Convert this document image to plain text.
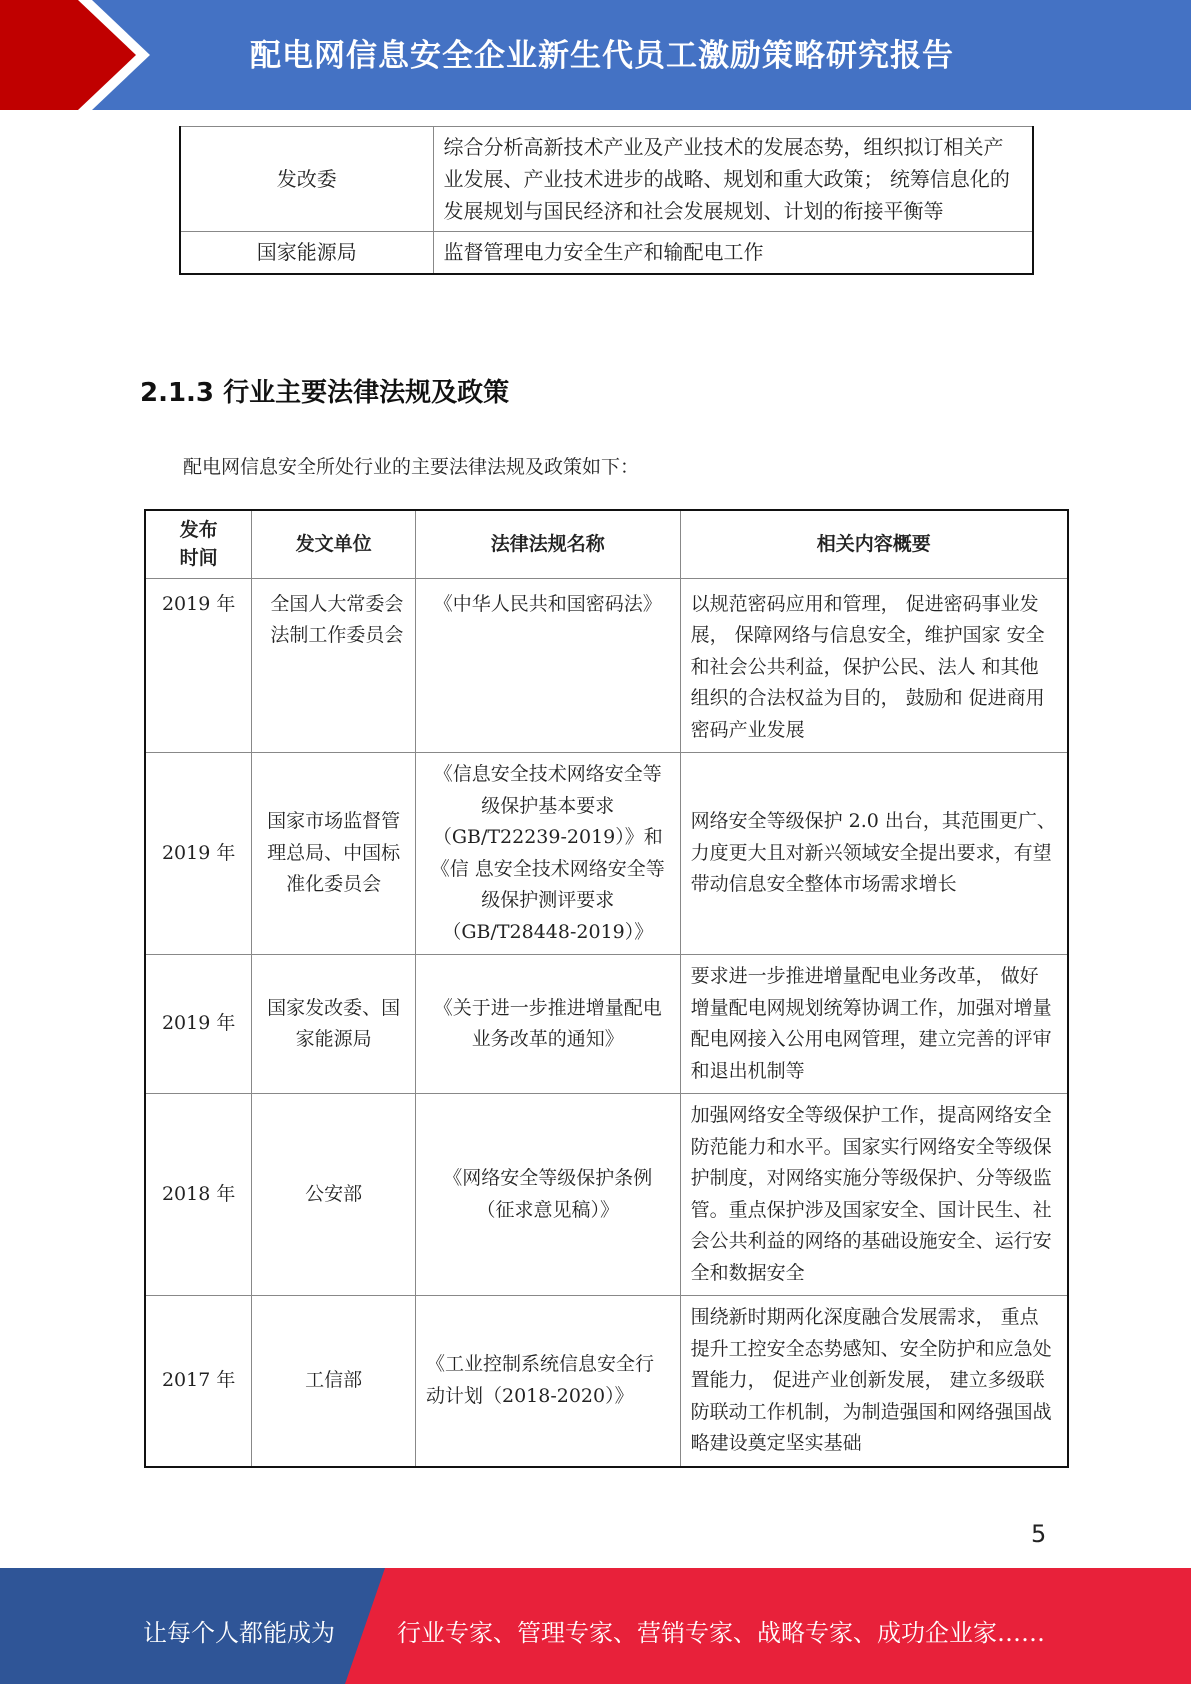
配电网信息安全企业新生代员工激励策略研究报告
发改委	综合分析高新技术产业及产业技术的发展态势，组织拟订相关产业发展、产业技术进步的战略、规划和重大政策； 统筹信息化的发展规划与国民经济和社会发展规划、计划的衔接平衡等
国家能源局	监督管理电力安全生产和输配电工作
2.1.3 行业主要法律法规及政策
配电网信息安全所处行业的主要法律法规及政策如下：
发布时间	发文单位	法律法规名称	相关内容概要
2019 年	全国人大常委会法制工作委员会	《中华人民共和国密码法》	以规范密码应用和管理， 促进密码事业发展， 保障网络与信息安全，维护国家 安全和社会公共利益，保护公民、法人 和其他组织的合法权益为目的， 鼓励和 促进商用密码产业发展
2019 年	国家市场监督管理总局、中国标准化委员会	《信息安全技术网络安全等级保护基本要求（GB/T22239-2019）》和《信 息安全技术网络安全等级保护测评要求（GB/T28448-2019）》	网络安全等级保护 2.0 出台，其范围更广、力度更大且对新兴领域安全提出要求，有望带动信息安全整体市场需求增长
2019 年	国家发改委、国家能源局	《关于进一步推进增量配电业务改革的通知》	要求进一步推进增量配电业务改革， 做好增量配电网规划统筹协调工作，加强对增量配电网接入公用电网管理，建立完善的评审和退出机制等
2018 年	公安部	《网络安全等级保护条例（征求意见稿）》	加强网络安全等级保护工作，提高网络安全防范能力和水平。国家实行网络安全等级保护制度，对网络实施分等级保护、分等级监管。重点保护涉及国家安全、国计民生、社会公共利益的网络的基础设施安全、运行安全和数据安全
2017 年	工信部	《工业控制系统信息安全行动计划（2018-2020）》	围绕新时期两化深度融合发展需求， 重点提升工控安全态势感知、安全防护和应急处置能力， 促进产业创新发展， 建立多级联防联动工作机制，为制造强国和网络强国战略建设奠定坚实基础
5
让每个人都能成为	行业专家、管理专家、营销专家、战略专家、成功企业家……
